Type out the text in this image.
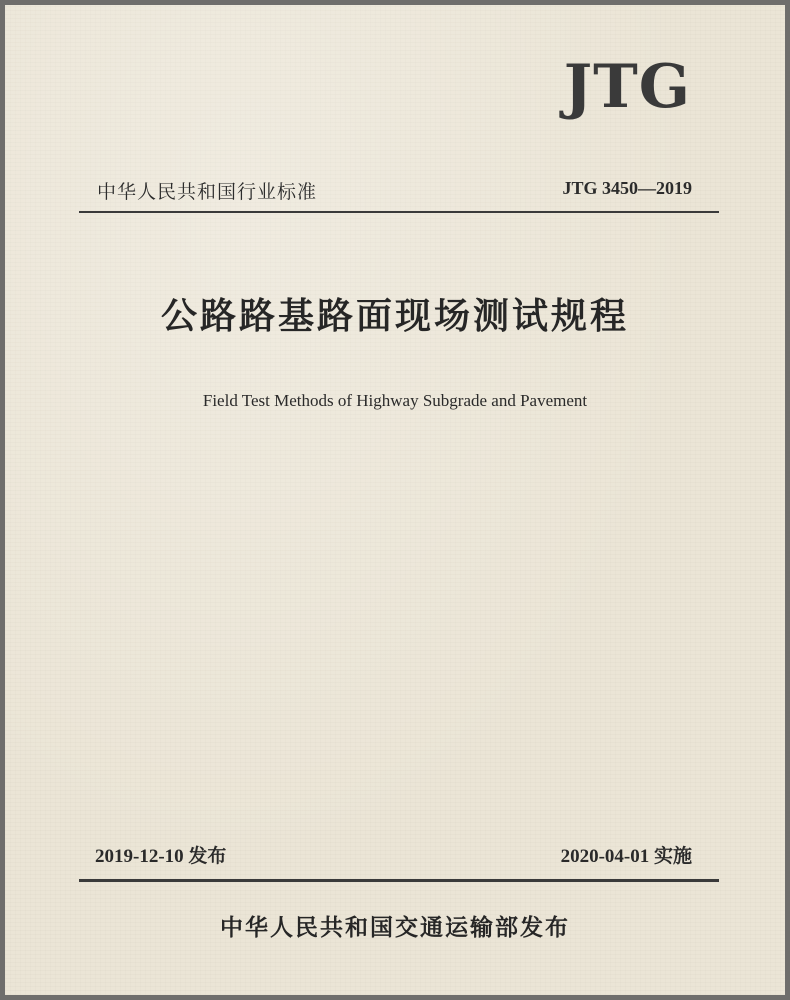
JTG
中华人民共和国行业标准	JTG 3450—2019
公路路基路面现场测试规程
Field Test Methods of Highway Subgrade and Pavement
2019-12-10 发布	2020-04-01 实施
中华人民共和国交通运输部发布
